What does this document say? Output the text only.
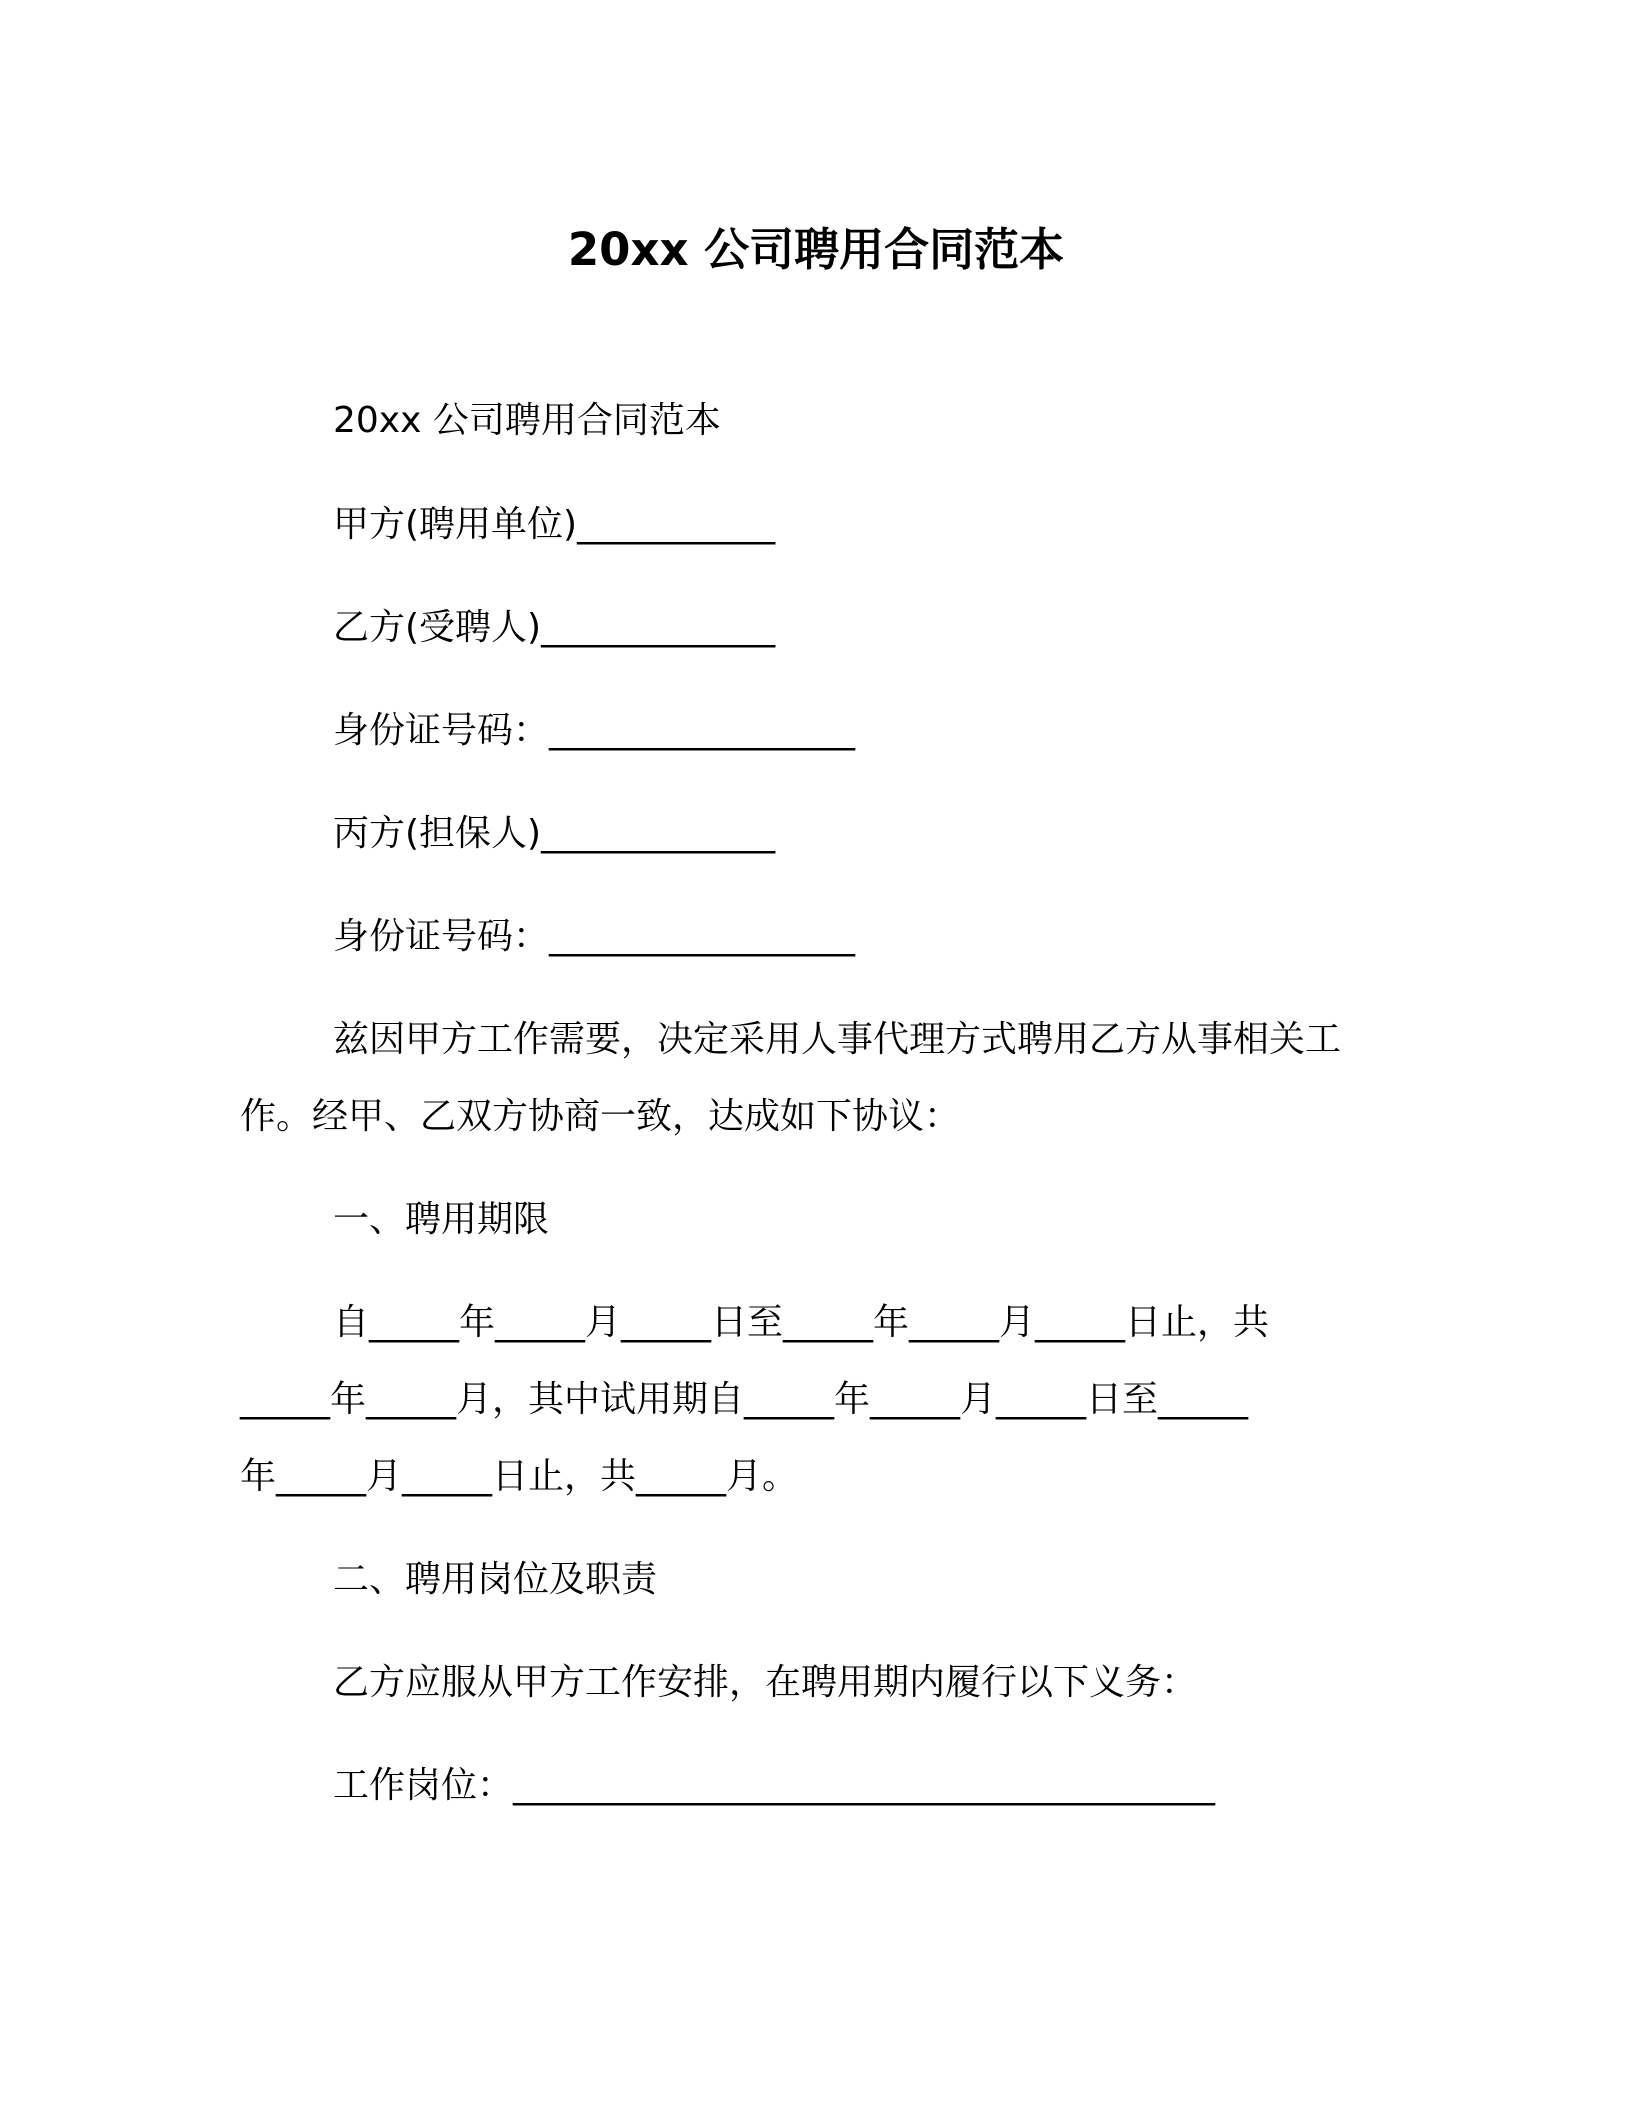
20xx 公司聘用合同范本
20xx 公司聘用合同范本
甲方(聘用单位)___________
乙方(受聘人)_____________
身份证号码：_________________
丙方(担保人)_____________
身份证号码：_________________
兹因甲方工作需要，决定采用人事代理方式聘用乙方从事相关工
作。经甲、乙双方协商一致，达成如下协议：
一、聘用期限
自_____年_____月_____日至_____年_____月_____日止，共
_____年_____月，其中试用期自_____年_____月_____日至_____
年_____月_____日止，共_____月。
二、聘用岗位及职责
乙方应服从甲方工作安排，在聘用期内履行以下义务：
工作岗位：_______________________________________
